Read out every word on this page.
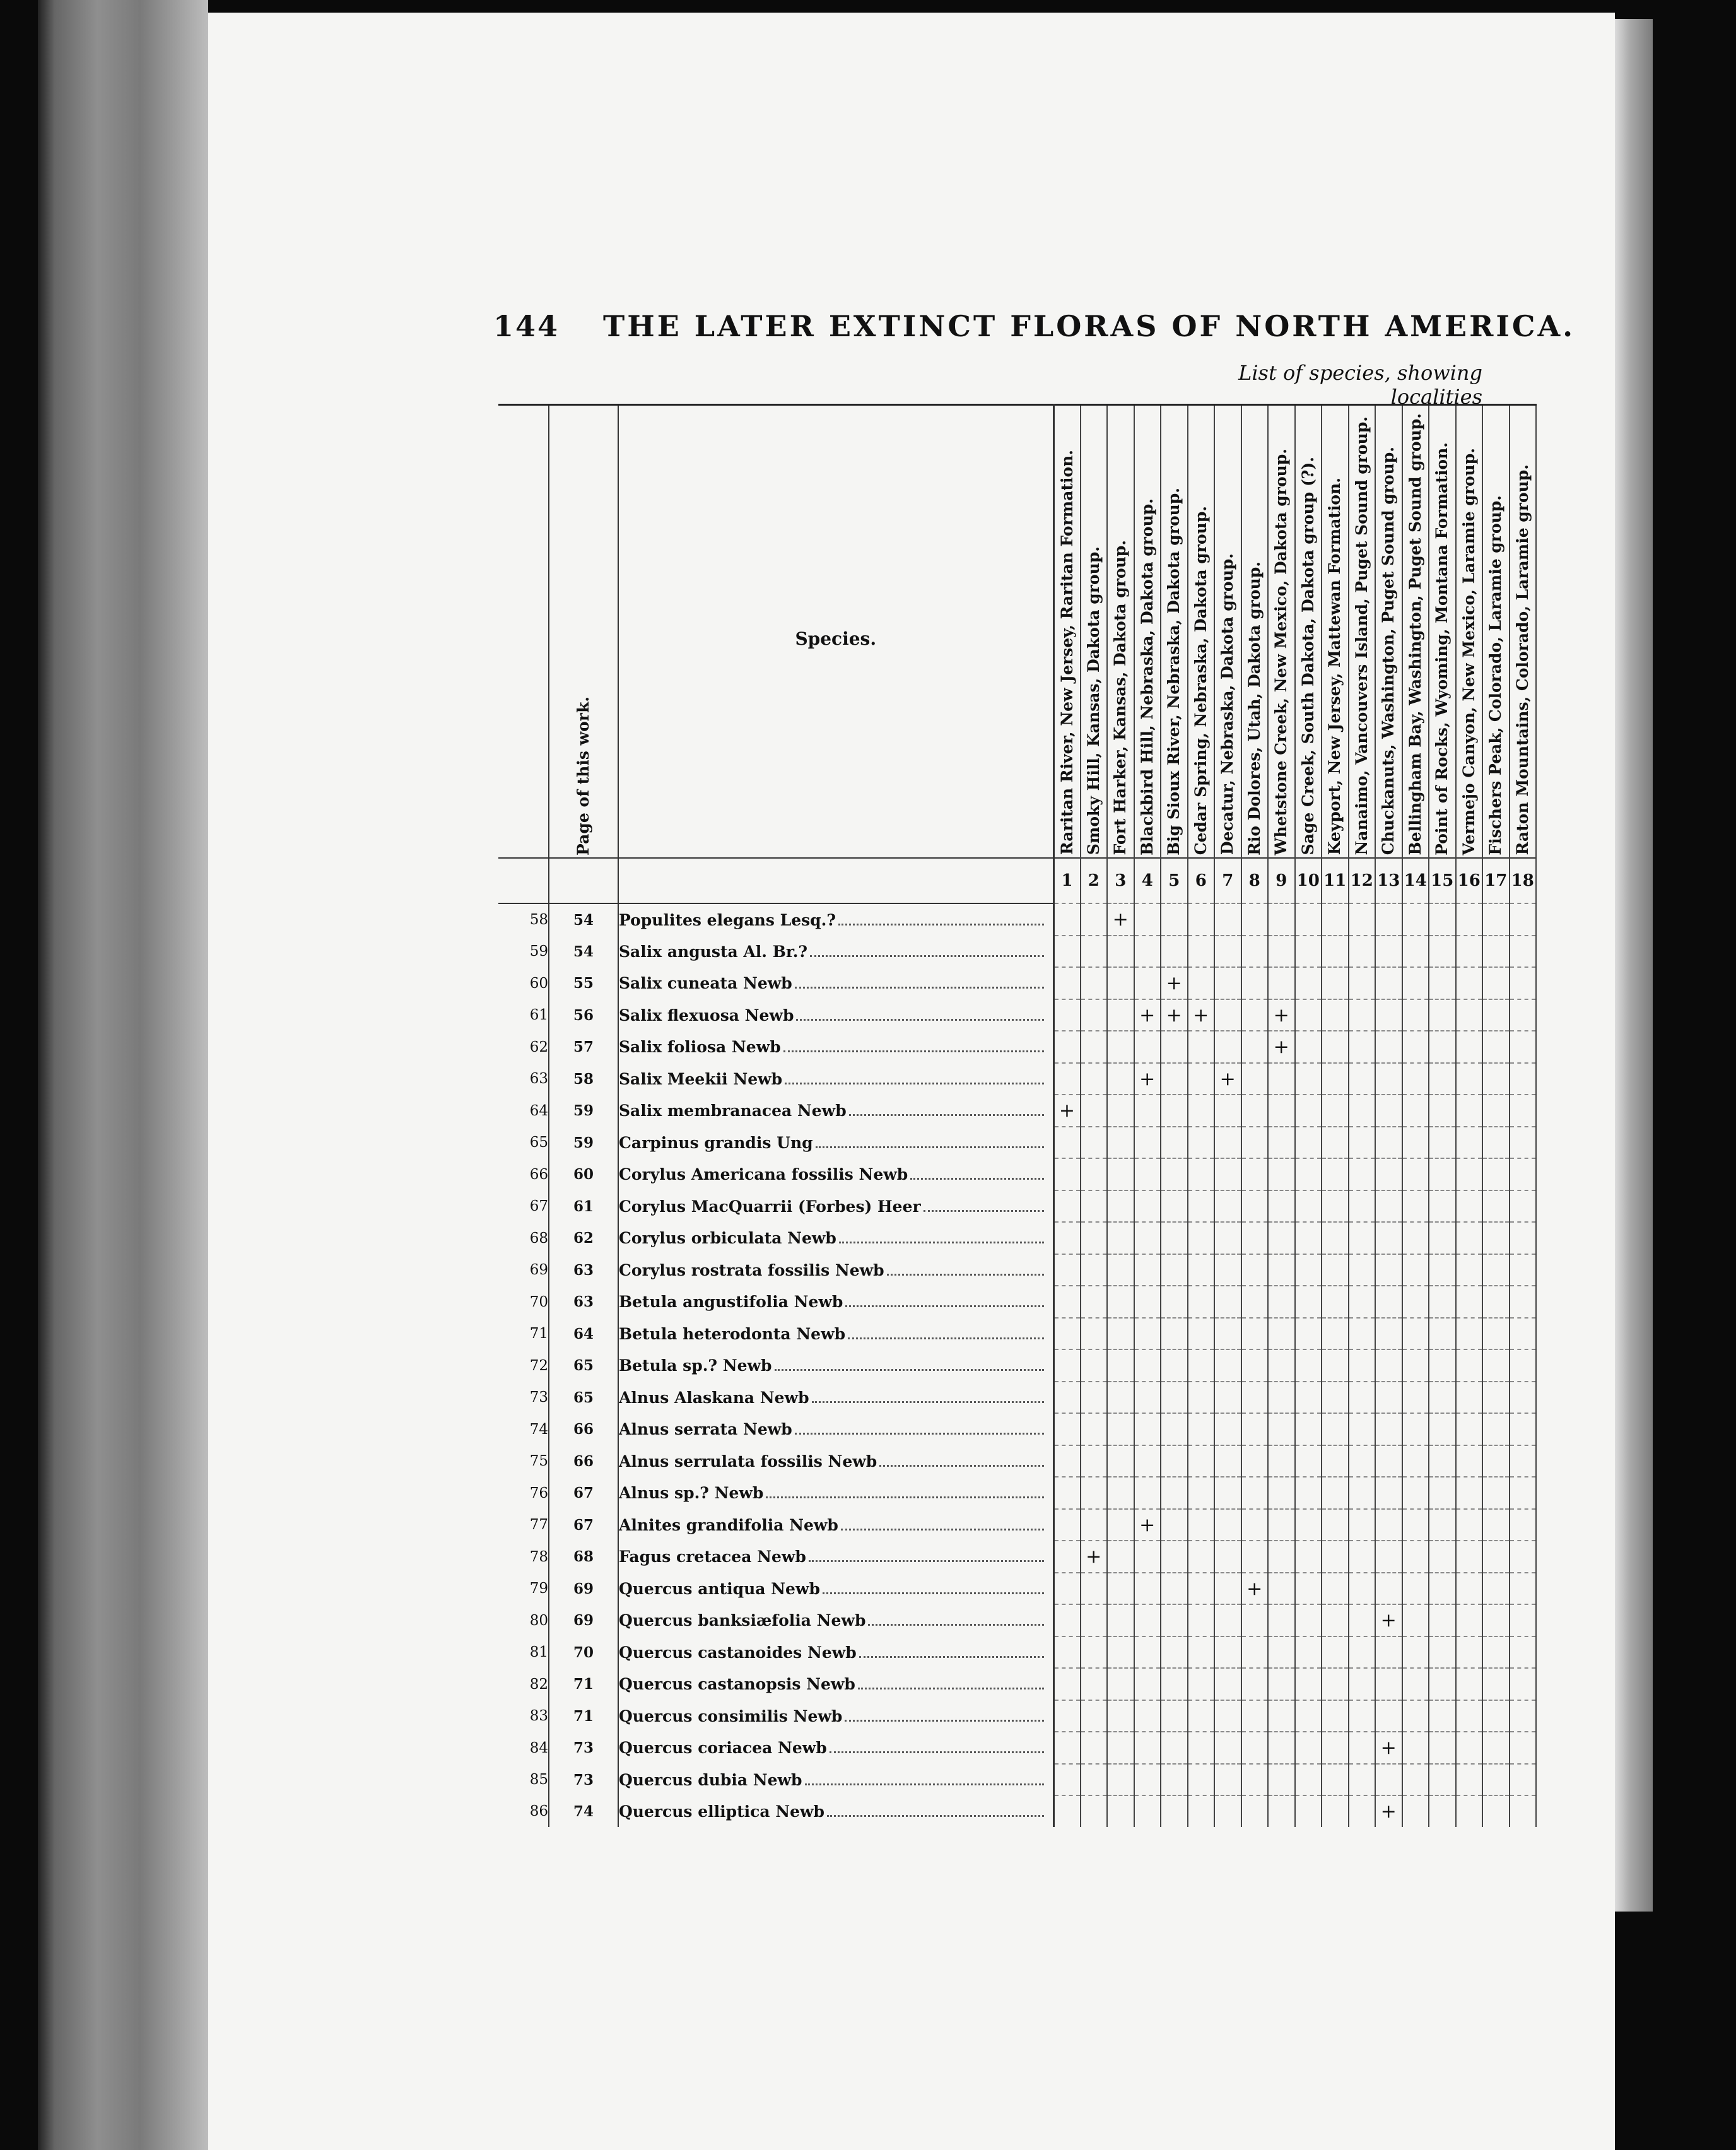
144 THE LATER EXTINCT FLORAS OF NORTH AMERICA.
List of species, showing localities
	Page of this work.	Species.	Raritan River, New Jersey, Raritan Formation.	Smoky Hill, Kansas, Dakota group.	Fort Harker, Kansas, Dakota group.	Blackbird Hill, Nebraska, Dakota group.	Big Sioux River, Nebraska, Dakota group.	Cedar Spring, Nebraska, Dakota group.	Decatur, Nebraska, Dakota group.	Rio Dolores, Utah, Dakota group.	Whetstone Creek, New Mexico, Dakota group.	Sage Creek, South Dakota, Dakota group (?).	Keyport, New Jersey, Mattewan Formation.	Nanaimo, Vancouvers Island, Puget Sound group.	Chuckanuts, Washington, Puget Sound group.	Bellingham Bay, Washington, Puget Sound group.	Point of Rocks, Wyoming, Montana Formation.	Vermejo Canyon, New Mexico, Laramie group.	Fischers Peak, Colorado, Laramie group.	Raton Mountains, Colorado, Laramie group.
			1	2	3	4	5	6	7	8	9	10	11	12	13	14	15	16	17	18
58	54	Populites elegans Lesq.?			+															
59	54	Salix angusta Al. Br.?																		

60	55	Salix cuneata Newb					+													
61	56	Salix flexuosa Newb				+	+	+			+									
62	57	Salix foliosa Newb									+									
63	58	Salix Meekii Newb				+			+											
64	59	Salix membranacea Newb	+																	
65	59	Carpinus grandis Ung																		

66	60	Corylus Americana fossilis Newb																		

67	61	Corylus MacQuarrii (Forbes) Heer																		

68	62	Corylus orbiculata Newb																		

69	63	Corylus rostrata fossilis Newb																		

70	63	Betula angustifolia Newb																		

71	64	Betula heterodonta Newb																		

72	65	Betula sp.? Newb																		

73	65	Alnus Alaskana Newb																		

74	66	Alnus serrata Newb																		

75	66	Alnus serrulata fossilis Newb																		

76	67	Alnus sp.? Newb																		

77	67	Alnites grandifolia Newb				+														
78	68	Fagus cretacea Newb		+																
79	69	Quercus antiqua Newb								+										
80	69	Quercus banksiæfolia Newb													+					
81	70	Quercus castanoides Newb																		

82	71	Quercus castanopsis Newb																		

83	71	Quercus consimilis Newb																		

84	73	Quercus coriacea Newb													+					
85	73	Quercus dubia Newb																		

86	74	Quercus elliptica Newb													+					
